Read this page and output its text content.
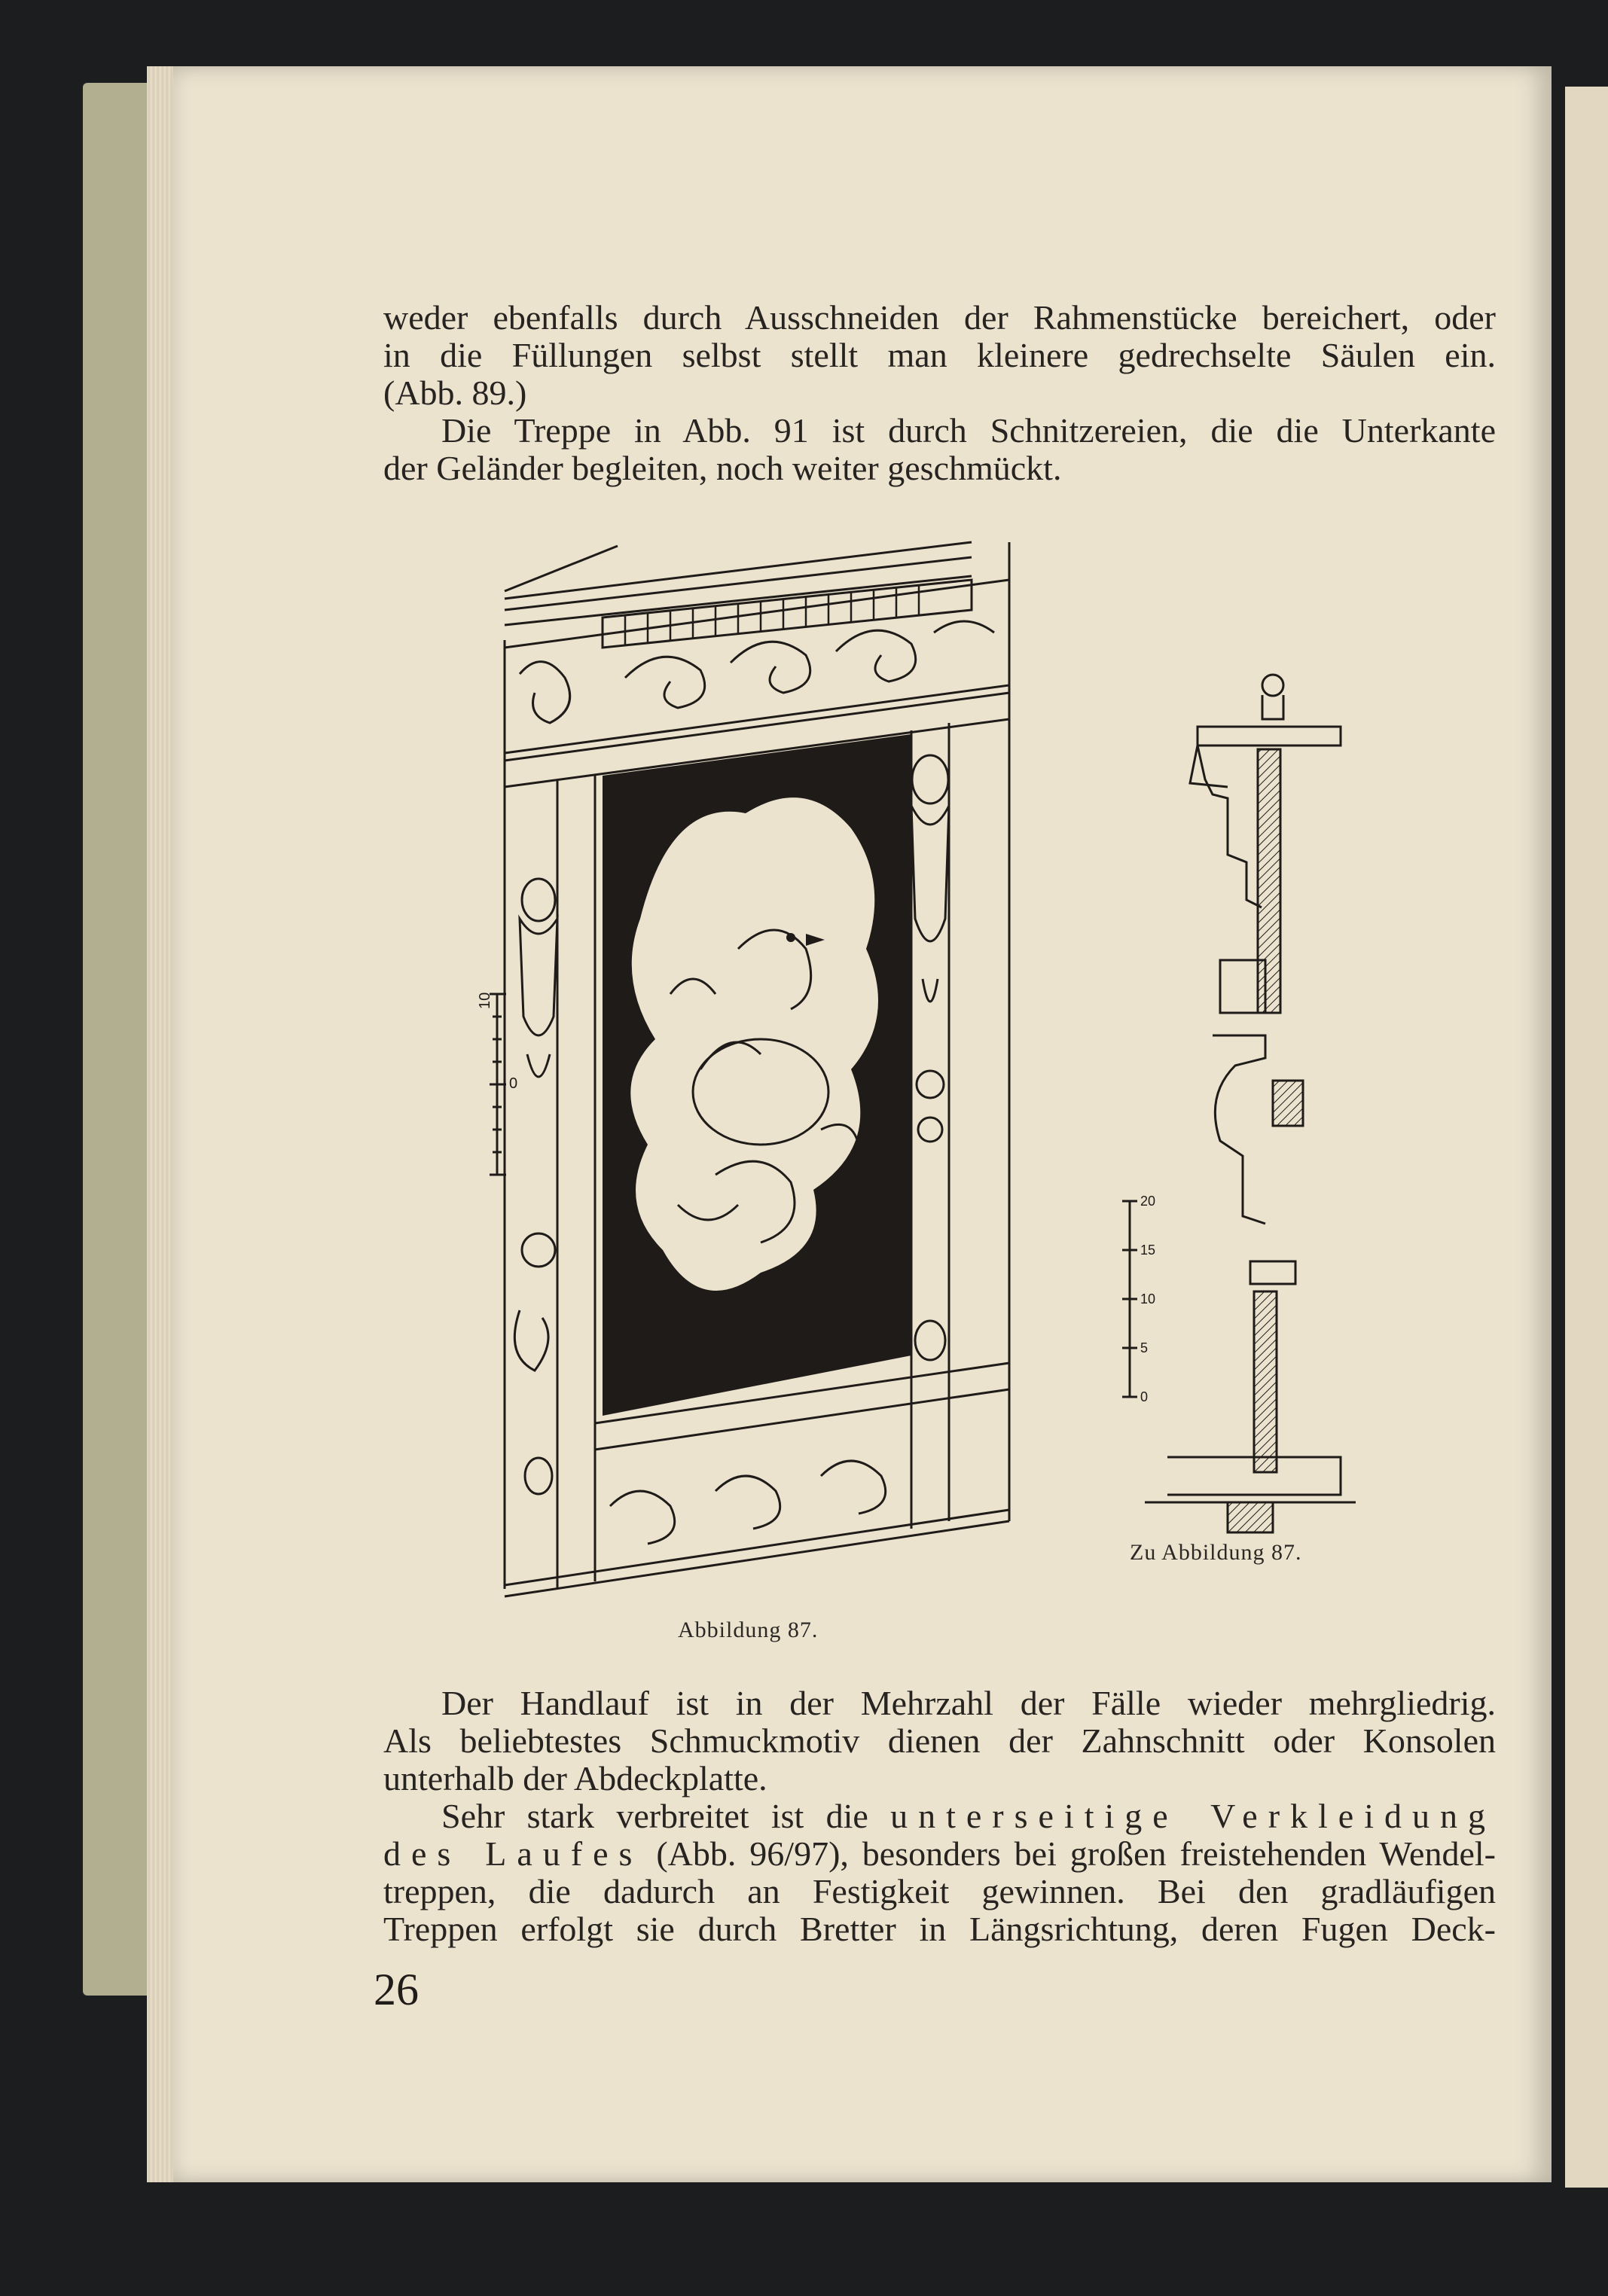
weder ebenfalls durch Ausschneiden der Rahmenstücke bereichert, oder
in die Füllungen selbst stellt man kleinere gedrechselte Säulen ein.
(Abb. 89.)
Die Treppe in Abb. 91 ist durch Schnitzereien, die die Unterkante
der Geländer begleiten, noch weiter geschmückt.
10
0
Abbildung 87.
20
15
10
5
0
Zu Abbildung 87.
Der Handlauf ist in der Mehrzahl der Fälle wieder mehrgliedrig.
Als beliebtestes Schmuckmotiv dienen der Zahnschnitt oder Konsolen
unterhalb der Abdeckplatte.
Sehr stark verbreitet ist die unterseitige Verkleidung
des Laufes (Abb. 96/97), besonders bei großen freistehenden Wendel-
treppen, die dadurch an Festigkeit gewinnen. Bei den gradläufigen
Treppen erfolgt sie durch Bretter in Längsrichtung, deren Fugen Deck-
26
